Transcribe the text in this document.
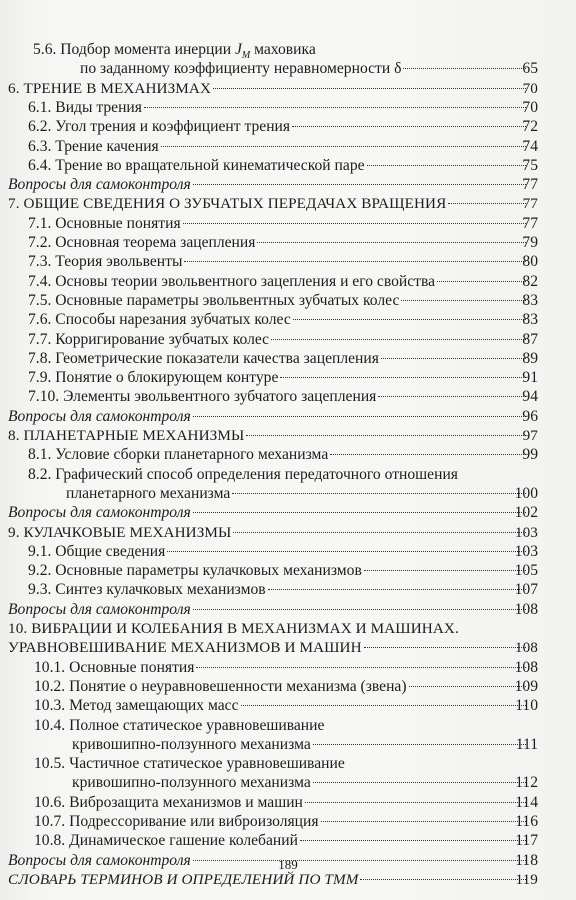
5.6. Подбор момента инерции $J_M$ маховика
по заданному коэффициенту неравномерности δ	65
6. ТРЕНИЕ В МЕХАНИЗМАХ	70
6.1. Виды трения	70
6.2. Угол трения и коэффициент трения	72
6.3. Трение качения	74
6.4. Трение во вращательной кинематической паре	75
Вопросы для самоконтроля	77
7. ОБЩИЕ СВЕДЕНИЯ О ЗУБЧАТЫХ ПЕРЕДАЧАХ ВРАЩЕНИЯ	77
7.1. Основные понятия	77
7.2. Основная теорема зацепления	79
7.3. Теория эвольвенты	80
7.4. Основы теории эвольвентного зацепления и его свойства	82
7.5. Основные параметры эвольвентных зубчатых колес	83
7.6. Способы нарезания зубчатых колес	83
7.7. Корригирование зубчатых колес	87
7.8. Геометрические показатели качества зацепления	89
7.9. Понятие о блокирующем контуре	91
7.10. Элементы эвольвентного зубчатого зацепления	94
Вопросы для самоконтроля	96
8. ПЛАНЕТАРНЫЕ МЕХАНИЗМЫ	97
8.1. Условие сборки планетарного механизма	99
8.2. Графический способ определения передаточного отношения
планетарного механизма	100
Вопросы для самоконтроля	102
9. КУЛАЧКОВЫЕ МЕХАНИЗМЫ	103
9.1. Общие сведения	103
9.2. Основные параметры кулачковых механизмов	105
9.3. Синтез кулачковых механизмов	107
Вопросы для самоконтроля	108
10. ВИБРАЦИИ И КОЛЕБАНИЯ В МЕХАНИЗМАХ И МАШИНАХ.
УРАВНОВЕШИВАНИЕ МЕХАНИЗМОВ И МАШИН	108
10.1. Основные понятия	108
10.2. Понятие о неуравновешенности механизма (звена)	109
10.3. Метод замещающих масс	110
10.4. Полное статическое уравновешивание
кривошипно-ползунного механизма	111
10.5. Частичное статическое уравновешивание
кривошипно-ползунного механизма	112
10.6. Виброзащита механизмов и машин	114
10.7. Подрессоривание или виброизоляция	116
10.8. Динамическое гашение колебаний	117
Вопросы для самоконтроля	118
СЛОВАРЬ ТЕРМИНОВ И ОПРЕДЕЛЕНИЙ ПО ТММ	119
189
